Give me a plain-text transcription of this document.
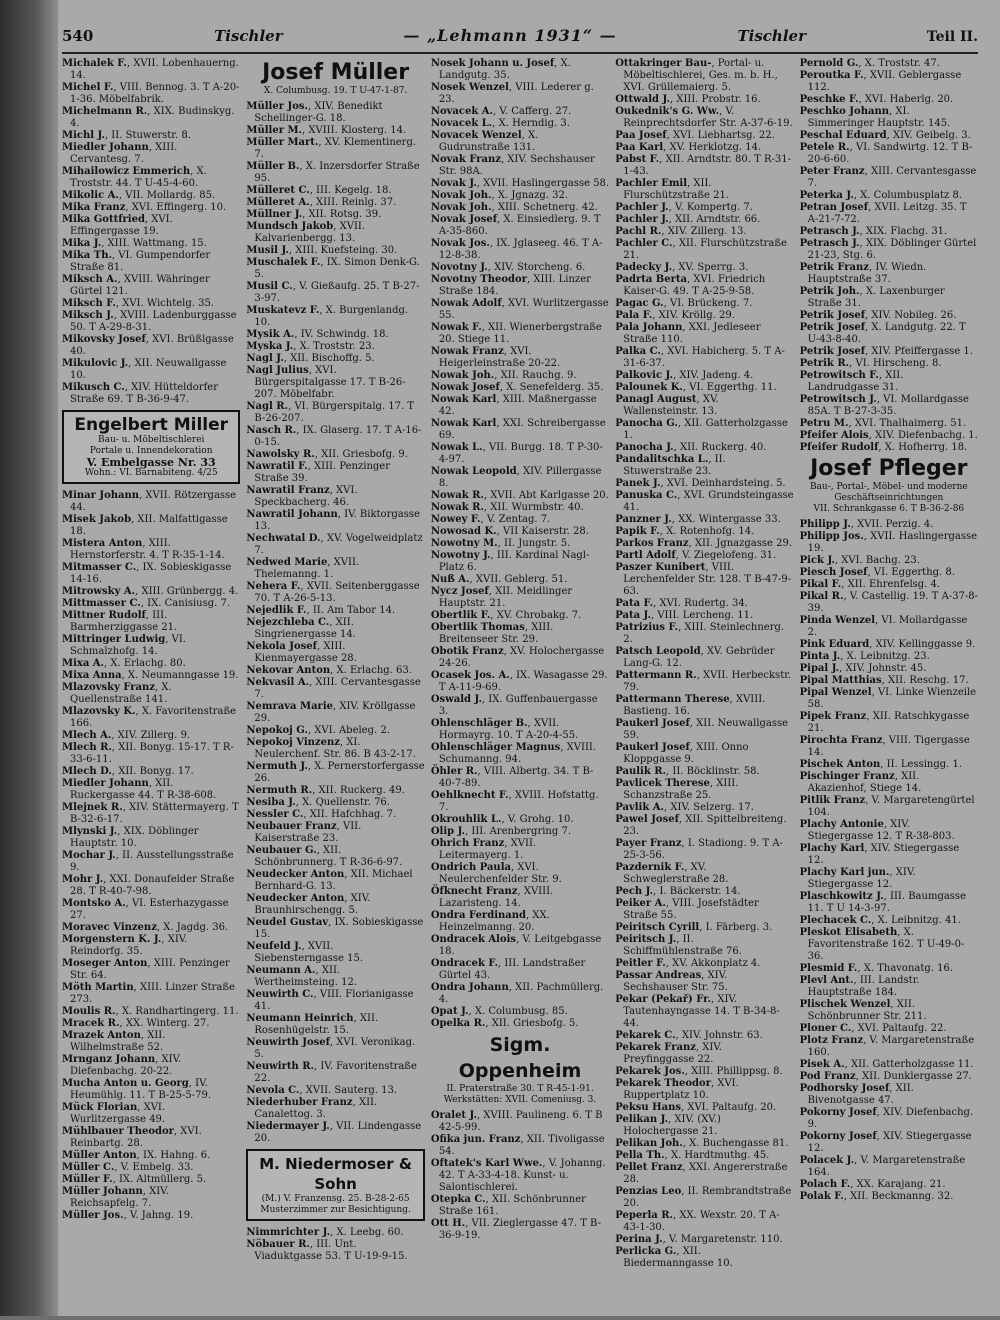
540	Tischler	— „Lehmann 1931“ —	Tischler	Teil II.

Michalek F., XVII. Lobenhauerng. 14.

Michel F., VIII. Bennog. 3. T A-20-1-36. Möbelfabrik.

Michelmann R., XIX. Budinskyg. 4.

Michl J., II. Stuwerstr. 8.

Miedler Johann, XIII. Cervantesg. 7.

Mihailowicz Emmerich, X. Troststr. 44. T U-45-4-60.

Mikolic A., VII. Mollardg. 85.

Mika Franz, XVI. Effingerg. 10.

Mika Gottfried, XVI. Effingergasse 19.

Mika J., XIII. Wattmang. 15.

Mika Th., VI. Gumpendorfer Straße 81.

Miksch A., XVIII. Währinger Gürtel 121.

Miksch F., XVI. Wichtelg. 35.

Miksch J., XVIII. Ladenburggasse 50. T A-29-8-31.

Mikovsky Josef, XVI. Brüßlgasse 40.

Mikulovic J., XII. Neuwallgasse 10.

Mikusch C., XIV. Hütteldorfer Straße 69. T B-36-9-47.

Engelbert Miller
Bau- u. Möbeltischlerei
Portale u. Innendekoration
V. Embelgasse Nr. 33
Wohn.: VI. Barnabiteng. 4/25

Minar Johann, XVII. Rötzergasse 44.

Misek Jakob, XII. Malfattigasse 18.

Mistera Anton, XIII. Hernstorferstr. 4. T R-35-1-14.

Mitmasser C., IX. Sobieskigasse 14-16.

Mitrowsky A., XIII. Grünbergg. 4.

Mittmasser C., IX. Canisiusg. 7.

Mittner Rudolf, III. Barmherziggasse 21.

Mittringer Ludwig, VI. Schmalzhofg. 14.

Mixa A., X. Erlachg. 80.

Mixa Anna, X. Neumanngasse 19.

Mlazovsky Franz, X. Quellenstraße 141.

Mlazovsky K., X. Favoritenstraße 166.

Mlech A., XIV. Zillerg. 9.

Mlech R., XII. Bonyg. 15-17. T R-33-6-11.

Mlech D., XII. Bonyg. 17.

Miedler Johann, XII. Ruckergasse 44. T R-38-608.

Mlejnek R., XIV. Stättermayerg. T B-32-6-17.

Mlynski J., XIX. Döblinger Hauptstr. 10.

Mochar J., II. Ausstellungsstraße 9.

Mohr J., XXI. Donaufelder Straße 28. T R-40-7-98.

Montsko A., VI. Esterhazygasse 27.

Moravec Vinzenz, X. Jagdg. 36.

Morgenstern K. J., XIV. Reindorfg. 35.

Moseger Anton, XIII. Penzinger Str. 64.

Möth Martin, XIII. Linzer Straße 273.

Moulis R., X. Randhartingerg. 11.

Mracek R., XX. Winterg. 27.

Mrazek Anton, XII. Wilhelmstraße 52.

Mrnganz Johann, XIV. Diefenbachg. 20-22.

Mucha Anton u. Georg, IV. Heumühlg. 11. T B-25-5-79.

Mück Florian, XVI. Wurlitzergasse 49.

Mühlbauer Theodor, XVI. Reinbartg. 28.

Müller Anton, IX. Hahng. 6.

Müller C., V. Embelg. 33.

Müller F., IX. Altmüllerg. 5.

Müller Johann, XIV. Reichsapfelg. 7.

Müller Jos., V. Jahng. 19.

Josef Müller
X. Columbusg. 19. T U-47-1-87.

Müller Jos., XIV. Benedikt Schellinger-G. 18.

Müller M., XVIII. Klosterg. 14.

Müller Mart., XV. Klementinerg. 7.

Müller B., X. Inzersdorfer Straße 95.

Mülleret C., III. Kegelg. 18.

Mülleret A., XIII. Reinlg. 37.

Müllner J., XII. Rotsg. 39.

Mundsch Jakob, XVII. Kalvarienbergg. 13.

Musil J., XIII. Kuefsteing. 30.

Muschalek F., IX. Simon Denk-G. 5.

Musil C., V. Gießaufg. 25. T B-27-3-97.

Muskatevz F., X. Burgenlandg. 10.

Mysik A., IV. Schwindg. 18.

Myska J., X. Troststr. 23.

Nagl J., XII. Bischoffg. 5.

Nagl Julius, XVI. Bürgerspitalgasse 17. T B-26-207. Möbelfabr.

Nagl R., VI. Bürgerspitalg. 17. T B-26-207.

Nasch R., IX. Glaserg. 17. T A-16-0-15.

Nawolsky R., XII. Griesbofg. 9.

Nawratil F., XIII. Penzinger Straße 39.

Nawratil Franz, XVI. Speckbacherg. 46.

Nawratil Johann, IV. Biktorgasse 13.

Nechwatal D., XV. Vogelweidplatz 7.

Nedwed Marie, XVII. Thelemanng. 1.

Nehera F., XVII. Seitenberggasse 70. T A-26-5-13.

Nejedlik F., II. Am Tabor 14.

Nejezchleba C., XII. Singrienergasse 14.

Nekola Josef, XIII. Kienmayergasse 28.

Nekovar Anton, X. Erlachg. 63.

Nekvasil A., XIII. Cervantesgasse 7.

Nemrava Marie, XIV. Kröllgasse 29.

Nepokoj G., XVI. Abeleg. 2.

Nepokoj Vinzenz, XI. Neulerchenf. Str. 86. B 43-2-17.

Nermuth J., X. Pernerstorfergasse 26.

Nermuth R., XII. Ruckerg. 49.

Nesiba J., X. Quellenstr. 76.

Nessler C., XII. Hafchhag. 7.

Neubauer Franz, VII. Kaiserstraße 23.

Neubauer G., XII. Schönbrunnerg. T R-36-6-97.

Neudecker Anton, XII. Michael Bernhard-G. 13.

Neudecker Anton, XIV. Braunhirschengg. 5.

Neudel Gustav, IX. Sobieskigasse 15.

Neufeld J., XVII. Siebensterngasse 15.

Neumann A., XII. Wertheimsteing. 12.

Neuwirth C., VIII. Florianigasse 41.

Neumann Heinrich, XII. Rosenhügelstr. 15.

Neuwirth Josef, XVI. Veronikag. 5.

Neuwirth R., IV. Favoritenstraße 22.

Nevola C., XVII. Sauterg. 13.

Niederhuber Franz, XII. Canalettog. 3.

Niedermayer J., VII. Lindengasse 20.

M. Niedermoser & Sohn
(M.) V. Franzensg. 25. B-28-2-65
Musterzimmer zur Besichtigung.

Nimmrichter J., X. Leebg. 60.

Nöbauer R., III. Unt. Viaduktgasse 53. T U-19-9-15.

Nosek Johann u. Josef, X. Landgutg. 35.

Nosek Wenzel, VIII. Lederer g. 23.

Novacek A., V. Cafferg. 27.

Novacek L., X. Herndig. 3.

Novacek Wenzel, X. Gudrunstraße 131.

Novak Franz, XIV. Sechshauser Str. 98A.

Novak J., XVII. Haslingergasse 58.

Novak Joh., X. Jgnazg. 32.

Novak Joh., XIII. Schetnerg. 42.

Novak Josef, X. Einsiedlerg. 9. T A-35-860.

Novak Jos., IX. Jglaseeg. 46. T A-12-8-38.

Novotny J., XIV. Storcheng. 6.

Novotny Theodor, XIII. Linzer Straße 184.

Nowak Adolf, XVI. Wurlitzergasse 55.

Nowak F., XII. Wienerbergstraße 20. Stiege 11.

Nowak Franz, XVI. Heigerleinstraße 20-22.

Nowak Joh., XII. Rauchg. 9.

Nowak Josef, X. Senefelderg. 35.

Nowak Karl, XIII. Maßnergasse 42.

Nowak Karl, XXI. Schreibergasse 69.

Nowak L., VII. Burgg. 18. T P-30-4-97.

Nowak Leopold, XIV. Pillergasse 8.

Nowak R., XVII. Abt Karlgasse 20.

Nowak R., XII. Wurmbstr. 40.

Nowey F., V. Zentag. 7.

Nowosad K., VII Kaiserstr. 28.

Nowotny M., II. Jungstr. 5.

Nowotny J., III. Kardinal Nagl-Platz 6.

Nuß A., XVII. Geblerg. 51.

Nycz Josef, XII. Meidlinger Hauptstr. 21.

Obertlik F., XV. Chrobakg. 7.

Obertlik Thomas, XIII. Breitenseer Str. 29.

Obotik Franz, XV. Holochergasse 24-26.

Ocasek Jos. A., IX. Wasagasse 29. T A-11-9-69.

Oswald J., IX. Guffenbauergasse 3.

Ohlenschläger B., XVII. Hormayrg. 10. T A-20-4-55.

Ohlenschläger Magnus, XVIII. Schumanng. 94.

Öhler R., VIII. Albertg. 34. T B-40-7-89.

Oehlknecht F., XVIII. Hofstattg. 7.

Okrouhlik L., V. Grohg. 10.

Olip J., III. Arenbergring 7.

Ohrich Franz, XVII. Leitermayerg. 1.

Ondrich Paula, XVI. Neulerchenfelder Str. 9.

Öfknecht Franz, XVIII. Lazaristeng. 14.

Ondra Ferdinand, XX. Heinzelmanng. 20.

Ondracek Alois, V. Leitgebgasse 18.

Ondracek F., III. Landstraßer Gürtel 43.

Ondra Johann, XII. Pachmüllerg. 4.

Opat J., X. Columbusg. 85.

Opelka R., XII. Griesbofg. 5.

Sigm. Oppenheim
II. Praterstraße 30. T R-45-1-91.
Werkstätten: XVII. Comeniusg. 3.

Oralet J., XVIII. Paulineng. 6. T B 42-5-99.

Ofika jun. Franz, XII. Tivoligasse 54.

Oftatek's Karl Wwe., V. Johanng. 42. T A-33-4-18. Kunst- u. Salontischlerei.

Otepka C., XII. Schönbrunner Straße 161.

Ott H., VII. Zieglergasse 47. T B-36-9-19.

Ottakringer Bau-, Portal- u. Möbeltischlerei, Ges. m. b. H., XVI. Grüllemaierg. 5.

Ottwald J., XIII. Probstr. 16.

Oukednik's G. Ww., V. Reinprechtsdorfer Str. A-37-6-19.

Paa Josef, XVI. Liebhartsg. 22.

Paa Karl, XV. Herklotzg. 14.

Pabst F., XII. Arndtstr. 80. T R-31-1-43.

Pachler Emil, XII. Flurschützstraße 21.

Pachler J., V. Kompertg. 7.

Pachler J., XII. Arndtstr. 66.

Pachl R., XIV. Zillerg. 13.

Pachler C., XII. Flurschützstraße 21.

Padecky J., XV. Sperrg. 3.

Padrta Berta, XVI. Friedrich Kaiser-G. 49. T A-25-9-58.

Pagac G., VI. Brückeng. 7.

Pala F., XIV. Kröllg. 29.

Pala Johann, XXI. Jedleseer Straße 110.

Palka C., XVI. Habicherg. 5. T A-31-6-37.

Palkovic J., XIV. Jadeng. 4.

Palounek K., VI. Eggerthg. 11.

Panagl August, XV. Wallensteinstr. 13.

Panocha G., XII. Gatterholzgasse 1.

Panocha J., XII. Ruckerg. 40.

Pandalitschka L., II. Stuwerstraße 23.

Panek J., XVI. Deinhardsteing. 5.

Panuska C., XVI. Grundsteingasse 41.

Panzner J., XX. Wintergasse 33.

Papik F., X. Rotenhofg. 14.

Parkos Franz, XII. Jgnazgasse 29.

Partl Adolf, V. Ziegelofeng. 31.

Paszer Kunibert, VIII. Lerchenfelder Str. 128. T B-47-9-63.

Pata F., XVI. Rudertg. 34.

Pata J., VIII. Lercheng. 11.

Patrizius F., XIII. Steinlechnerg. 2.

Patsch Leopold, XV. Gebrüder Lang-G. 12.

Pattermann R., XVII. Herbeckstr. 79.

Pattermann Therese, XVIII. Bastieng. 16.

Paukerl Josef, XII. Neuwallgasse 59.

Paukerl Josef, XIII. Onno Kloppgasse 9.

Paulik R., II. Böcklinstr. 58.

Pavlicek Therese, XIII. Schanzstraße 25.

Pavlik A., XIV. Selzerg. 17.

Pawel Josef, XII. Spittelbreiteng. 23.

Payer Franz, I. Stadiong. 9. T A-25-3-56.

Pazdernik F., XV. Schweglerstraße 28.

Pech J., I. Bäckerstr. 14.

Peiker A., VIII. Josefstädter Straße 55.

Peiritsch Cyrill, I. Färberg. 3.

Peiritsch J., II. Schiffmühlenstraße 76.

Peitler F., XV. Akkonplatz 4.

Passar Andreas, XIV. Sechshauser Str. 75.

Pekar (Pekař) Fr., XIV. Tautenhayngasse 14. T B-34-8-44.

Pekarek C., XIV. Johnstr. 63.

Pekarek Franz, XIV. Preyfinggasse 22.

Pekarek Jos., XIII. Phillippsg. 8.

Pekarek Theodor, XVI. Ruppertplatz 10.

Peksu Hans, XVI. Paltaufg. 20.

Pelikan J., XIV. (XV.) Holochergasse 21.

Pelikan Joh., X. Buchengasse 81.

Pella Th., X. Hardtmuthg. 45.

Pellet Franz, XXI. Angererstraße 28.

Penzias Leo, II. Rembrandtstraße 20.

Peperla R., XX. Wexstr. 20. T A-43-1-30.

Perina J., V. Margaretenstr. 110.

Perlicka G., XII. Biedermanngasse 10.

Pernold G., X. Troststr. 47.

Peroutka F., XVII. Geblergasse 112.

Peschke F., XVI. Haberlg. 20.

Peschko Johann, XI. Simmeringer Hauptstr. 145.

Peschal Eduard, XIV. Geibelg. 3.

Petele R., VI. Sandwirtg. 12. T B-20-6-60.

Peter Franz, XIII. Cervantesgasse 7.

Peterka J., X. Columbusplatz 8.

Petran Josef, XVII. Leitzg. 35. T A-21-7-72.

Petrasch J., XIX. Flachg. 31.

Petrasch J., XIX. Döblinger Gürtel 21-23, Stg. 6.

Petrik Franz, IV. Wiedn. Hauptstraße 37.

Petrik Joh., X. Laxenburger Straße 31.

Petrik Josef, XIV. Nobileg. 26.

Petrik Josef, X. Landgutg. 22. T U-43-8-40.

Petrik Josef, XIV. Pfeiffergasse 1.

Petrik R., VI. Hirscheng. 8.

Petrowitsch F., XII. Landrudgasse 31.

Petrowitsch J., VI. Mollardgasse 85A. T B-27-3-35.

Petru M., XVI. Thalhaimerg. 51.

Pfeifer Alois, XIV. Diefenbachg. 1.

Pfeifer Rudolf, X. Hofherrg. 18.

Josef Pfleger
Bau-, Portal-, Möbel- und moderne Geschäftseinrichtungen
VII. Schrankgasse 6. T B-36-2-86

Philipp J., XVII. Perzig. 4.

Philipp Jos., XVII. Haslingergasse 19.

Pick J., XVI. Bachg. 23.

Piesch Josef, VI. Eggerthg. 8.

Pikal F., XII. Ehrenfelsg. 4.

Pikal R., V. Castellig. 19. T A-37-8-39.

Pinda Wenzel, VI. Mollardgasse 2.

Pink Eduard, XIV. Kellinggasse 9.

Pinta J., X. Leibnitzg. 23.

Pipal J., XIV. Johnstr. 45.

Pipal Matthias, XII. Reschg. 17.

Pipal Wenzel, VI. Linke Wienzeile 58.

Pipek Franz, XII. Ratschkygasse 21.

Pirochta Franz, VIII. Tigergasse 14.

Pischek Anton, II. Lessingg. 1.

Pischinger Franz, XII. Akazienhof, Stiege 14.

Pitlik Franz, V. Margaretengürtel 104.

Plachy Antonie, XIV. Stiegergasse 12. T R-38-803.

Plachy Karl, XIV. Stiegergasse 12.

Plachy Karl jun., XIV. Stiegergasse 12.

Plaschkowitz J., III. Baumgasse 11. T U 14-3-97.

Plechacek C., X. Leibnitzg. 41.

Pleskot Elisabeth, X. Favoritenstraße 162. T U-49-0-36.

Plesmid F., X. Thavonatg. 16.

Plevl Ant., III. Landstr. Hauptstraße 184.

Plischek Wenzel, XII. Schönbrunner Str. 211.

Ploner C., XVI. Paltaufg. 22.

Plotz Franz, V. Margaretenstraße 160.

Pisek A., XII. Gatterholzgasse 11.

Pod Franz, XII. Dunklergasse 27.

Podhorsky Josef, XII. Bivenotgasse 47.

Pokorny Josef, XIV. Diefenbachg. 9.

Pokorny Josef, XIV. Stiegergasse 12.

Polacek J., V. Margaretenstraße 164.

Polach F., XX. Karajang. 21.

Polak F., XII. Beckmanng. 32.
